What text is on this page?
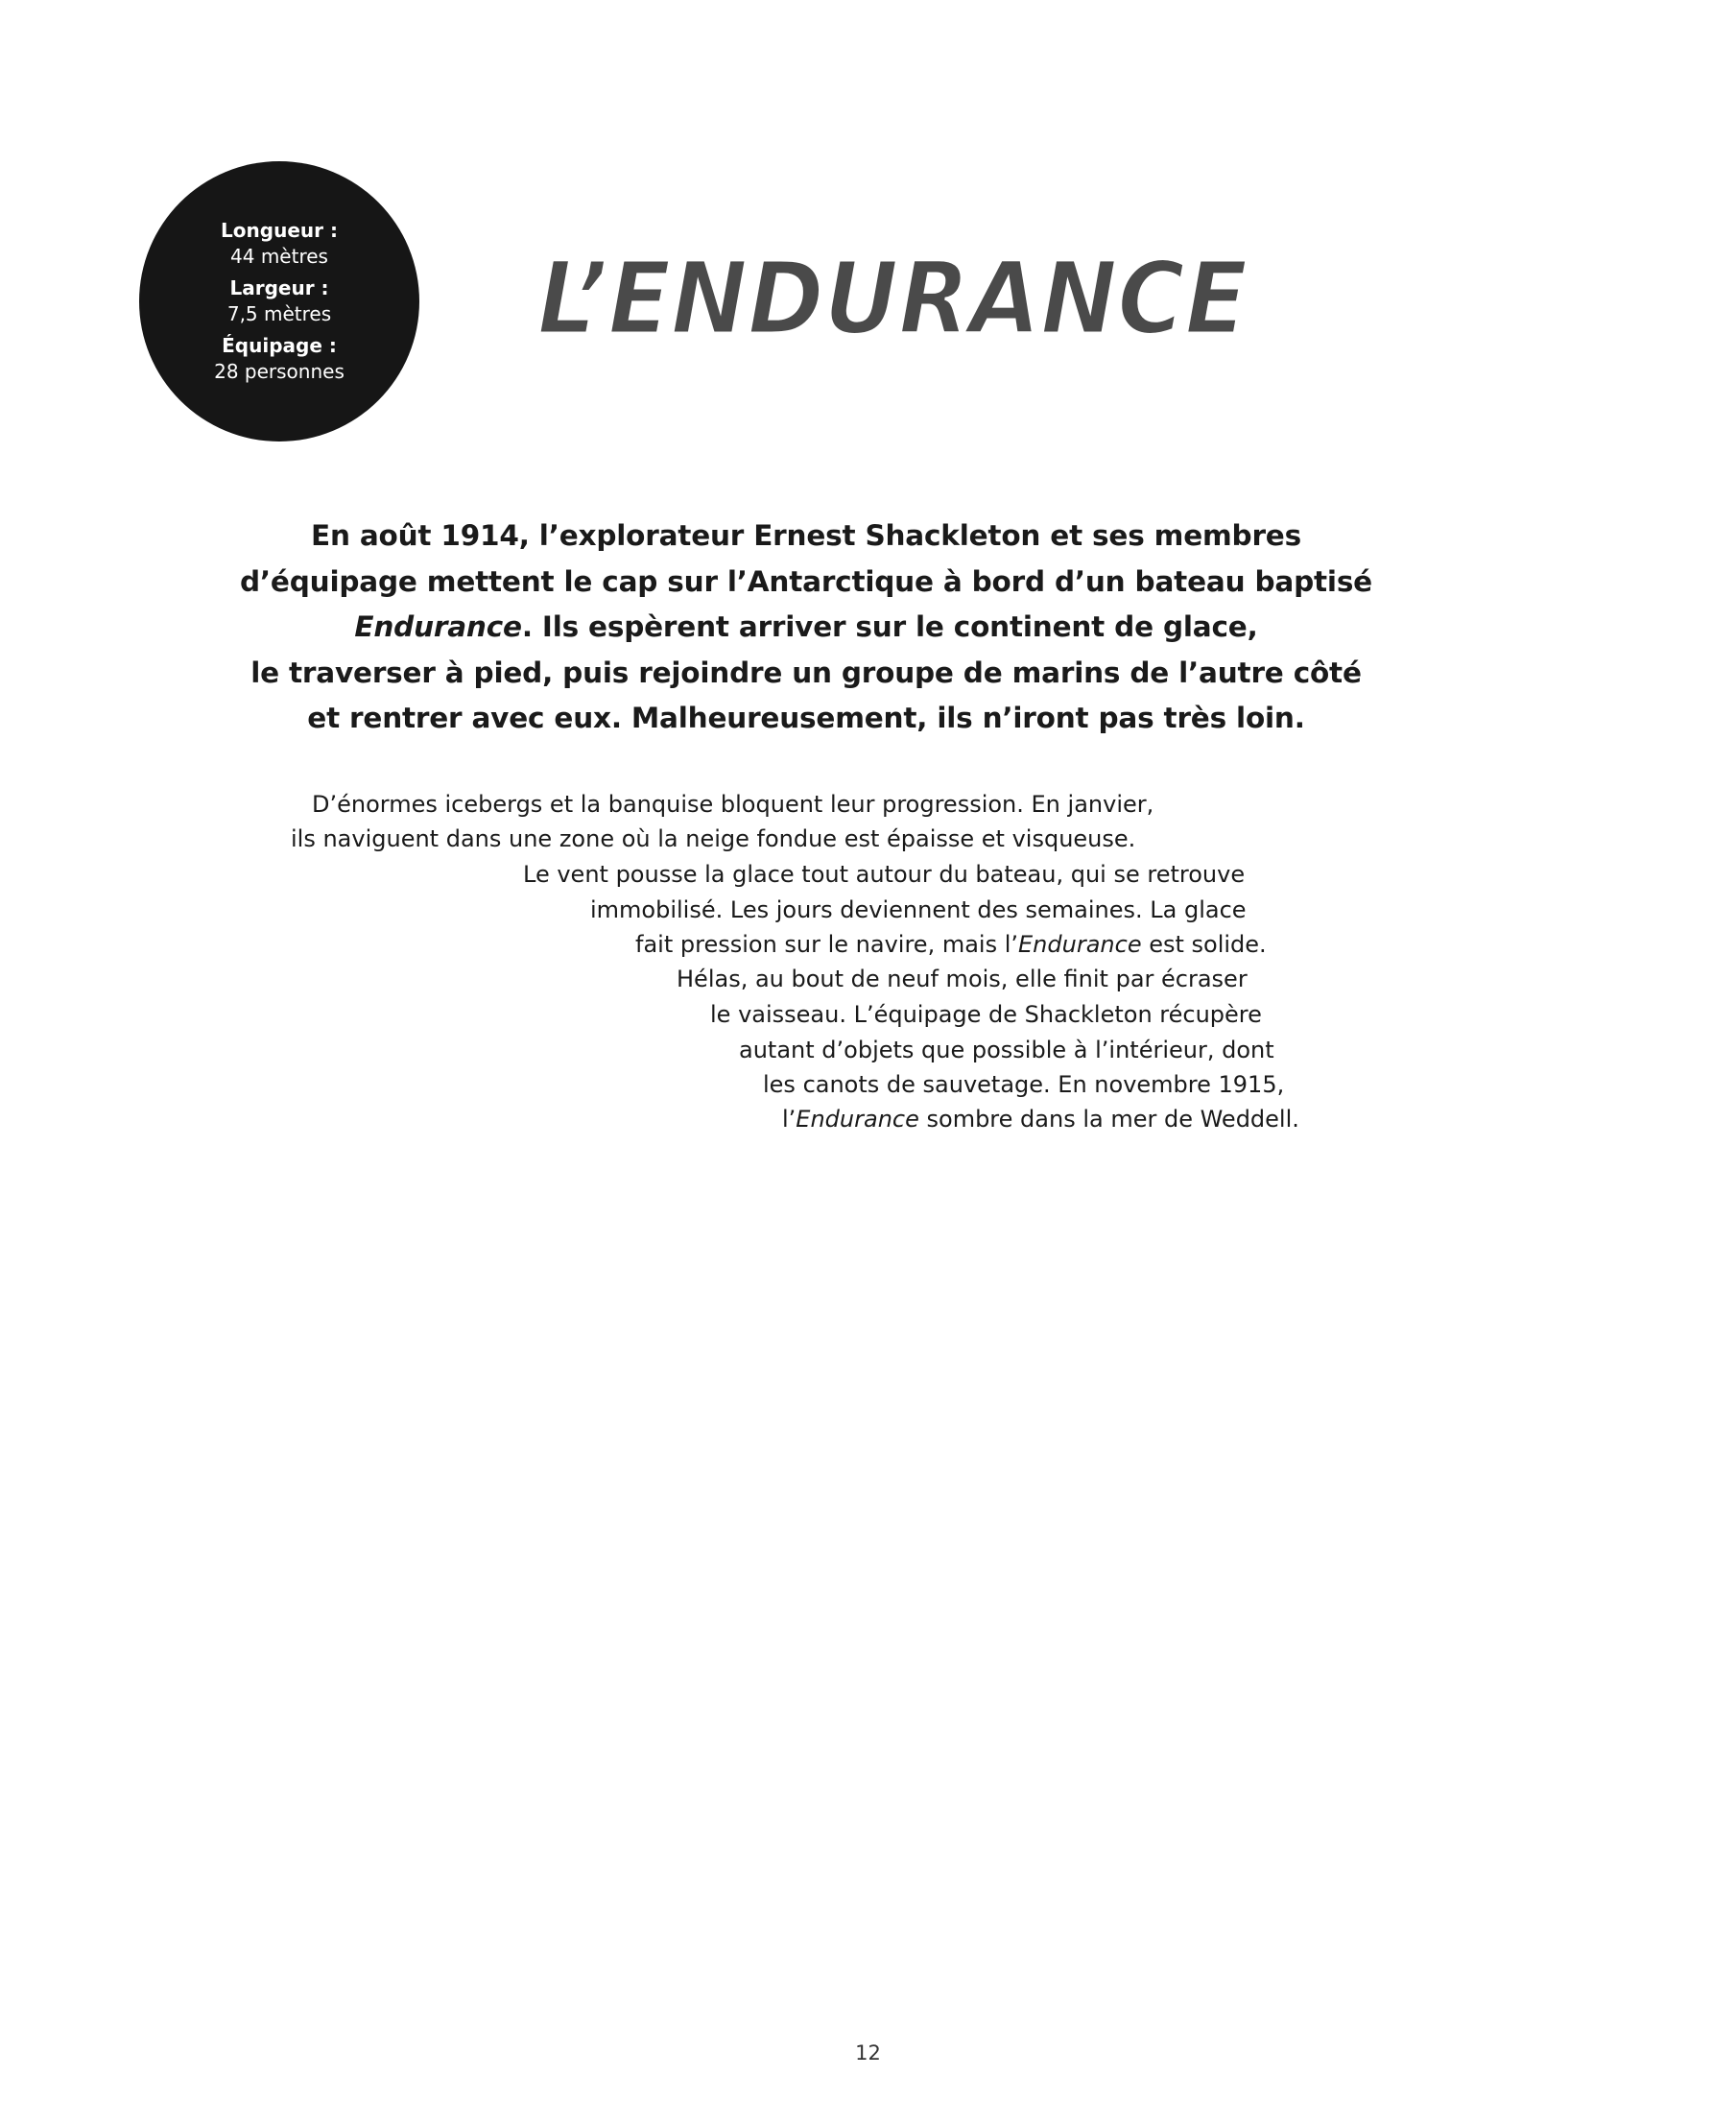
Longueur :
44 mètres
Largeur :
7,5 mètres
Équipage :
28 personnes
L’ENDURANCE
En août 1914, l’explorateur Ernest Shackleton et ses membres
d’équipage mettent le cap sur l’Antarctique à bord d’un bateau baptisé
Endurance. Ils espèrent arriver sur le continent de glace,
le traverser à pied, puis rejoindre un groupe de marins de l’autre côté
et rentrer avec eux. Malheureusement, ils n’iront pas très loin.
D’énormes icebergs et la banquise bloquent leur progression. En janvier,
ils naviguent dans une zone où la neige fondue est épaisse et visqueuse.
Le vent pousse la glace tout autour du bateau, qui se retrouve
immobilisé. Les jours deviennent des semaines. La glace
fait pression sur le navire, mais l’Endurance est solide.
Hélas, au bout de neuf mois, elle finit par écraser
le vaisseau. L’équipage de Shackleton récupère
autant d’objets que possible à l’intérieur, dont
les canots de sauvetage. En novembre 1915,
l’Endurance sombre dans la mer de Weddell.
12
